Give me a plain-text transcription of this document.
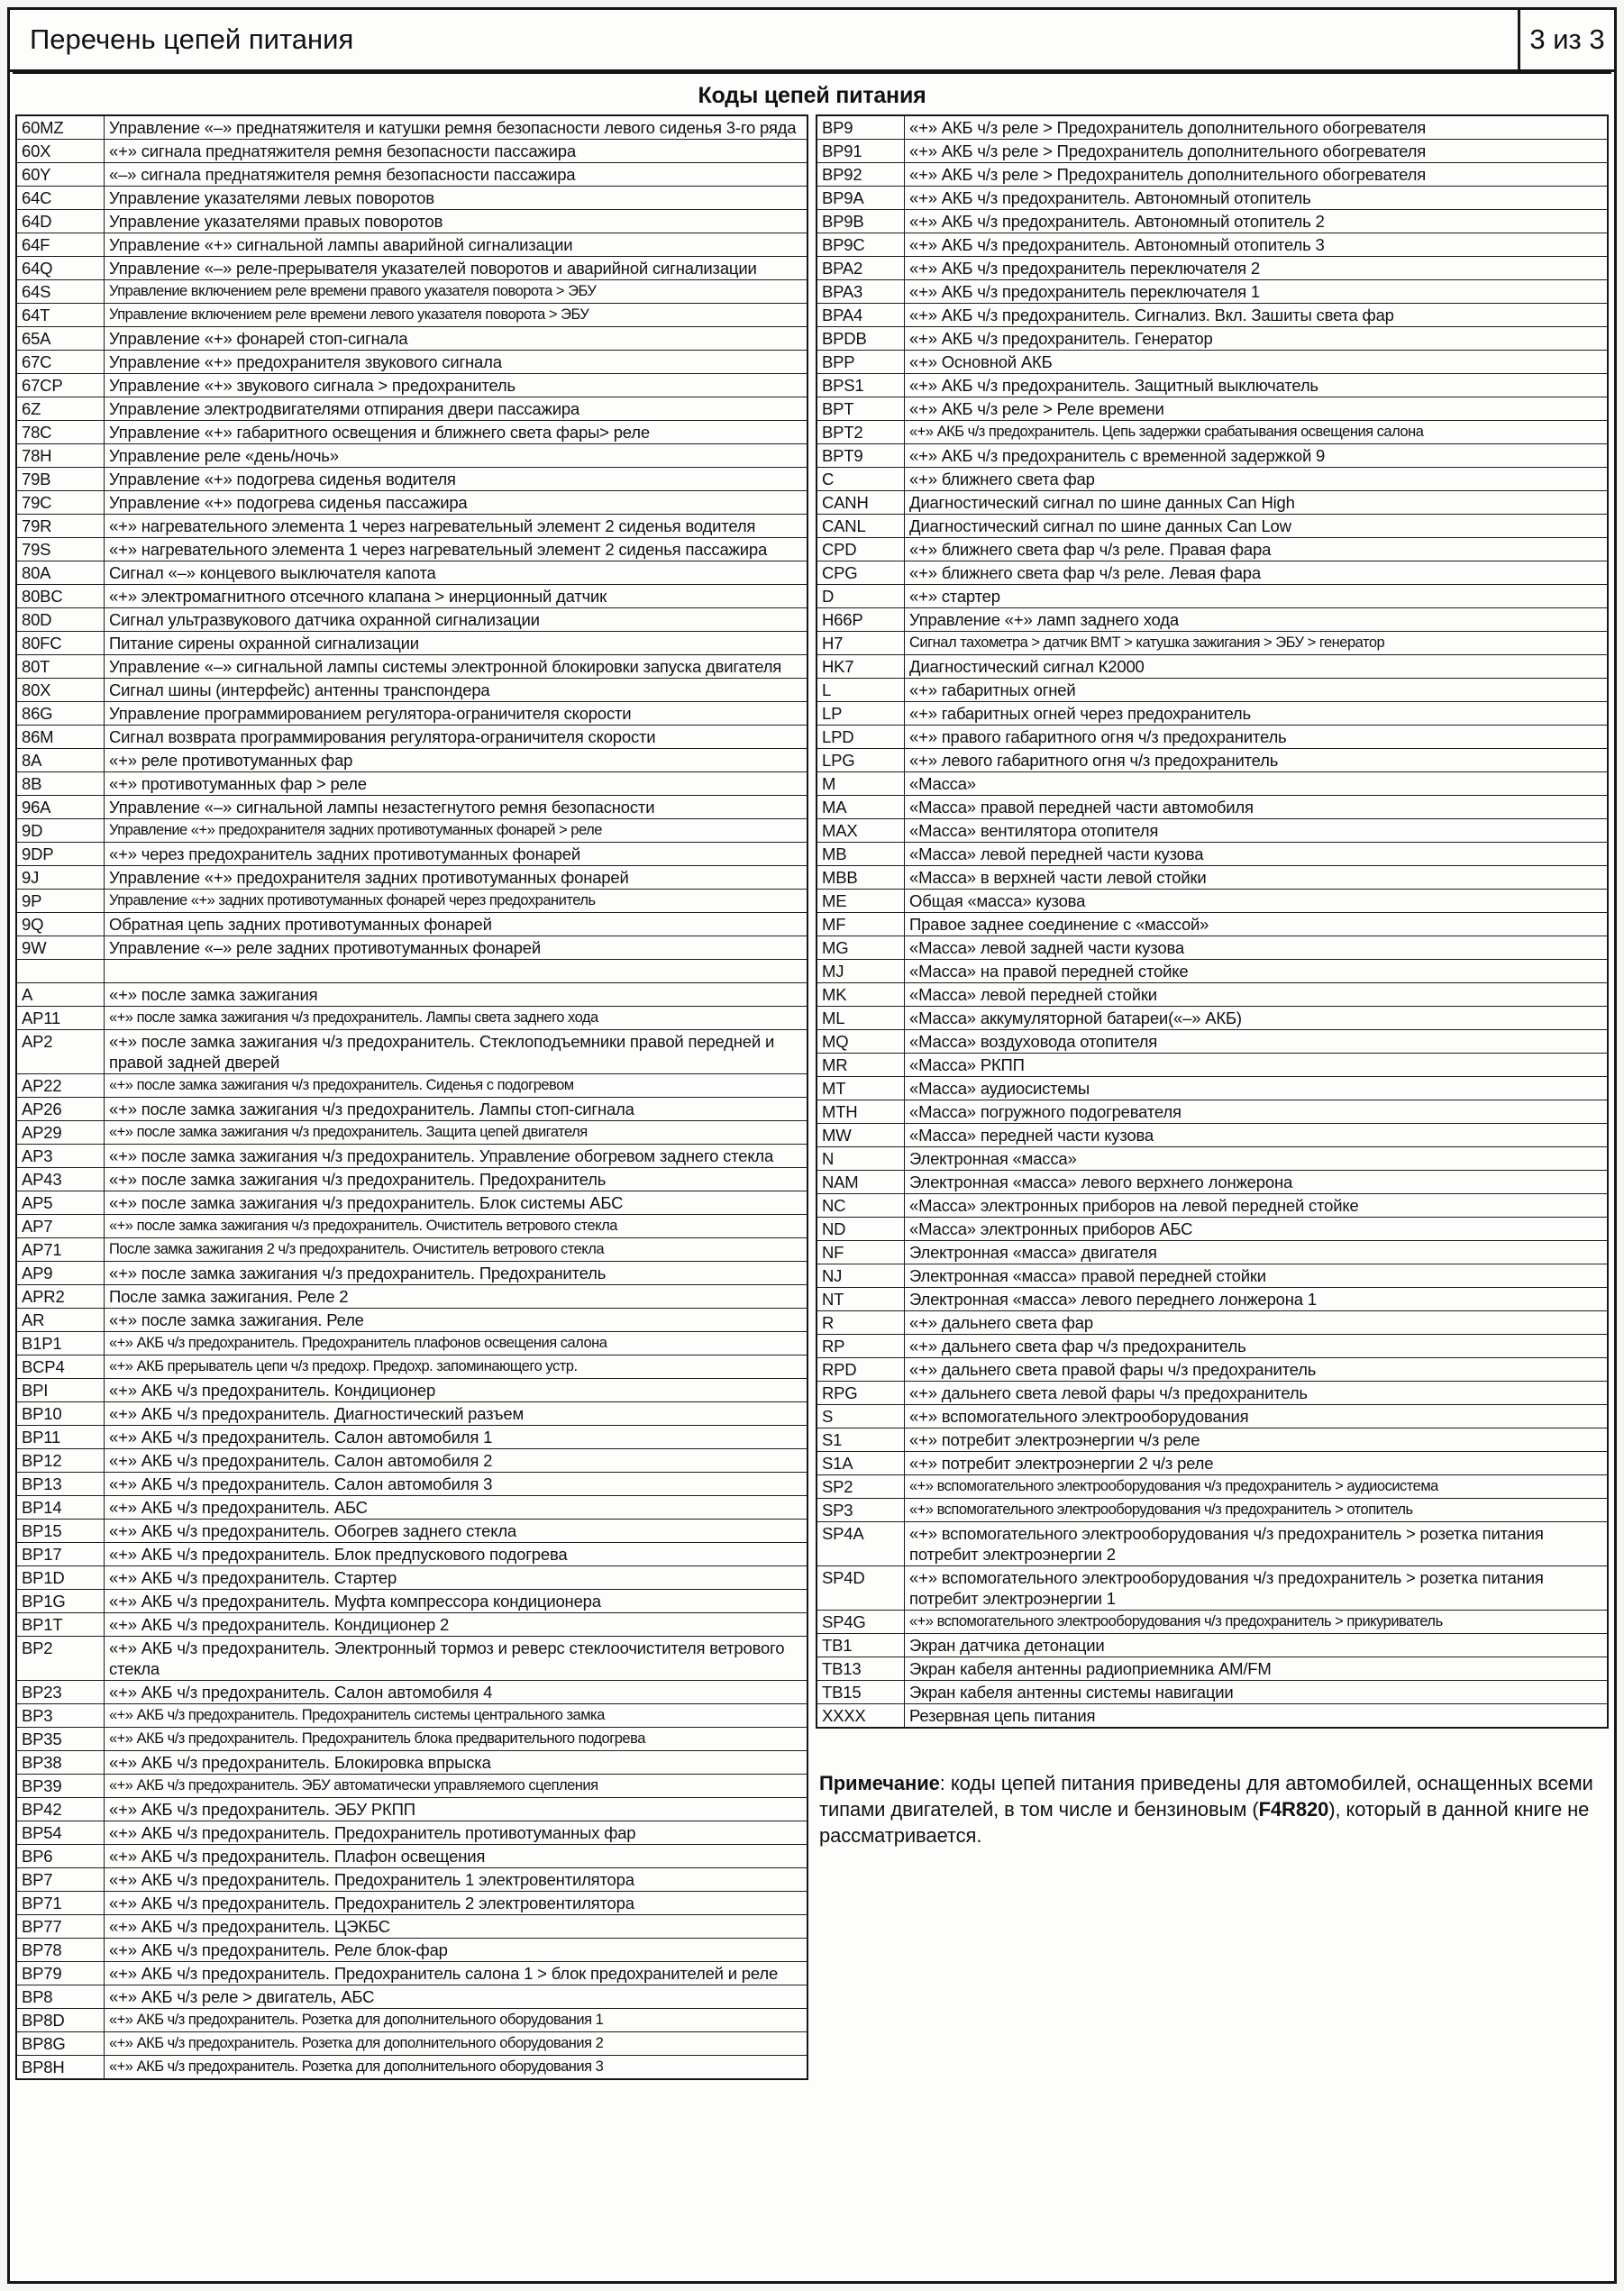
Перечень цепей питания	3 из 3
Коды цепей питания
60MZ	Управление «–» преднатяжителя и катушки ремня безопасности левого сиденья 3-го ряда
60X	«+» сигнала преднатяжителя ремня безопасности пассажира
60Y	«–» сигнала преднатяжителя ремня безопасности пассажира
64C	Управление указателями левых поворотов
64D	Управление указателями правых поворотов
64F	Управление «+» сигнальной лампы аварийной сигнализации
64Q	Управление «–» реле-прерывателя указателей поворотов и аварийной сигнализации
64S	Управление включением реле времени правого указателя поворота > ЭБУ
64T	Управление включением реле времени левого указателя поворота > ЭБУ
65A	Управление «+» фонарей стоп-сигнала
67C	Управление «+» предохранителя звукового сигнала
67CP	Управление «+» звукового сигнала > предохранитель
6Z	Управление электродвигателями отпирания двери пассажира
78C	Управление «+» габаритного освещения и ближнего света фары> реле
78H	Управление реле «день/ночь»
79B	Управление «+» подогрева сиденья водителя
79C	Управление «+» подогрева сиденья пассажира
79R	«+» нагревательного элемента 1 через нагревательный элемент 2 сиденья водителя
79S	«+» нагревательного элемента 1 через нагревательный элемент 2 сиденья пассажира
80A	Сигнал «–» концевого выключателя капота
80BC	«+» электромагнитного отсечного клапана > инерционный датчик
80D	Сигнал ультразвукового датчика охранной сигнализации
80FC	Питание сирены охранной сигнализации
80T	Управление «–» сигнальной лампы системы электронной блокировки запуска двигателя
80X	Сигнал шины (интерфейс) антенны транспондера
86G	Управление программированием регулятора-ограничителя скорости
86M	Сигнал возврата программирования регулятора-ограничителя скорости
8A	«+» реле противотуманных фар
8B	«+» противотуманных фар > реле
96A	Управление «–» сигнальной лампы незастегнутого ремня безопасности
9D	Управление «+» предохранителя задних противотуманных фонарей > реле
9DP	«+» через предохранитель задних противотуманных фонарей
9J	Управление «+» предохранителя задних противотуманных фонарей
9P	Управление «+» задних противотуманных фонарей через предохранитель
9Q	Обратная цепь задних противотуманных фонарей
9W	Управление «–» реле задних противотуманных фонарей

A	«+» после замка зажигания
AP11	«+» после замка зажигания ч/з предохранитель. Лампы света заднего хода
AP2	«+» после замка зажигания ч/з предохранитель. Стеклоподъемники правой передней и правой задней дверей
AP22	«+» после замка зажигания ч/з предохранитель. Сиденья с подогревом
AP26	«+» после замка зажигания ч/з предохранитель. Лампы стоп-сигнала
AP29	«+» после замка зажигания ч/з предохранитель. Защита цепей двигателя
AP3	«+» после замка зажигания ч/з предохранитель. Управление обогревом заднего стекла
AP43	«+» после замка зажигания ч/з предохранитель. Предохранитель
AP5	«+» после замка зажигания ч/з предохранитель. Блок системы АБС
AP7	«+» после замка зажигания ч/з предохранитель. Очиститель ветрового стекла
AP71	После замка зажигания 2 ч/з предохранитель. Очиститель ветрового стекла
AP9	«+» после замка зажигания ч/з предохранитель. Предохранитель
APR2	После замка зажигания. Реле 2
AR	«+» после замка зажигания. Реле
B1P1	«+» АКБ ч/з предохранитель. Предохранитель плафонов освещения салона
BCP4	«+» АКБ прерыватель цепи ч/з предохр. Предохр. запоминающего устр.
BPI	«+» АКБ ч/з предохранитель. Кондиционер
BP10	«+» АКБ ч/з предохранитель. Диагностический разъем
BP11	«+» АКБ ч/з предохранитель. Салон автомобиля 1
BP12	«+» АКБ ч/з предохранитель. Салон автомобиля 2
BP13	«+» АКБ ч/з предохранитель. Салон автомобиля 3
BP14	«+» АКБ ч/з предохранитель. АБС
BP15	«+» АКБ ч/з предохранитель. Обогрев заднего стекла
BP17	«+» АКБ ч/з предохранитель. Блок предпускового подогрева
BP1D	«+» АКБ ч/з предохранитель. Стартер
BP1G	«+» АКБ ч/з предохранитель. Муфта компрессора кондиционера
BP1T	«+» АКБ ч/з предохранитель. Кондиционер 2
BP2	«+» АКБ ч/з предохранитель. Электронный тормоз и реверс стеклоочистителя ветрового стекла
BP23	«+» АКБ ч/з предохранитель. Салон автомобиля 4
BP3	«+» АКБ ч/з предохранитель. Предохранитель системы центрального замка
BP35	«+» АКБ ч/з предохранитель. Предохранитель блока предварительного подогрева
BP38	«+» АКБ ч/з предохранитель. Блокировка впрыска
BP39	«+» АКБ ч/з предохранитель. ЭБУ автоматически управляемого сцепления
BP42	«+» АКБ ч/з предохранитель. ЭБУ РКПП
BP54	«+» АКБ ч/з предохранитель. Предохранитель противотуманных фар
BP6	«+» АКБ ч/з предохранитель. Плафон освещения
BP7	«+» АКБ ч/з предохранитель. Предохранитель 1 электровентилятора
BP71	«+» АКБ ч/з предохранитель. Предохранитель 2 электровентилятора
BP77	«+» АКБ ч/з предохранитель. ЦЭКБС
BP78	«+» АКБ ч/з предохранитель. Реле блок-фар
BP79	«+» АКБ ч/з предохранитель. Предохранитель салона 1 > блок предохранителей и реле
BP8	«+» АКБ ч/з реле > двигатель, АБС
BP8D	«+» АКБ ч/з предохранитель. Розетка для дополнительного оборудования 1
BP8G	«+» АКБ ч/з предохранитель. Розетка для дополнительного оборудования 2
BP8H	«+» АКБ ч/з предохранитель. Розетка для дополнительного оборудования 3
BP9	«+» АКБ ч/з реле > Предохранитель дополнительного обогревателя
BP91	«+» АКБ ч/з реле > Предохранитель дополнительного обогревателя
BP92	«+» АКБ ч/з реле > Предохранитель дополнительного обогревателя
BP9A	«+» АКБ ч/з предохранитель. Автономный отопитель
BP9B	«+» АКБ ч/з предохранитель. Автономный отопитель 2
BP9C	«+» АКБ ч/з предохранитель. Автономный отопитель 3
BPA2	«+» АКБ ч/з предохранитель переключателя 2
BPA3	«+» АКБ ч/з предохранитель переключателя 1
BPA4	«+» АКБ ч/з предохранитель. Сигнализ. Вкл. Зашиты света фар
BPDB	«+» АКБ ч/з предохранитель. Генератор
BPP	«+» Основной АКБ
BPS1	«+» АКБ ч/з предохранитель. Защитный выключатель
BPT	«+» АКБ ч/з реле > Реле времени
BPT2	«+» АКБ ч/з предохранитель. Цепь задержки срабатывания освещения салона
BPT9	«+» АКБ ч/з предохранитель с временной задержкой 9
C	«+» ближнего света фар
CANH	Диагностический сигнал по шине данных Can High
CANL	Диагностический сигнал по шине данных Can Low
CPD	«+» ближнего света фар ч/з реле. Правая фара
CPG	«+» ближнего света фар ч/з реле. Левая фара
D	«+» стартер
H66P	Управление «+» ламп заднего хода
H7	Сигнал тахометра > датчик ВМТ > катушка зажигания > ЭБУ > генератор
HK7	Диагностический сигнал К2000
L	«+» габаритных огней
LP	«+» габаритных огней через предохранитель
LPD	«+» правого габаритного огня ч/з предохранитель
LPG	«+» левого габаритного огня ч/з предохранитель
M	«Масса»
MA	«Масса» правой передней части автомобиля
MAX	«Масса» вентилятора отопителя
MB	«Масса» левой передней части кузова
MBB	«Масса» в верхней части левой стойки
ME	Общая «масса» кузова
MF	Правое заднее соединение с «массой»
MG	«Масса» левой задней части кузова
MJ	«Масса» на правой передней стойке
MK	«Масса» левой передней стойки
ML	«Масса» аккумуляторной батареи(«–» АКБ)
MQ	«Масса» воздуховода отопителя
MR	«Масса» РКПП
MT	«Масса» аудиосистемы
MTH	«Масса» погружного подогревателя
MW	«Масса» передней части кузова
N	Электронная «масса»
NAM	Электронная «масса» левого верхнего лонжерона
NC	«Масса» электронных приборов на левой передней стойке
ND	«Масса» электронных приборов АБС
NF	Электронная «масса» двигателя
NJ	Электронная «масса» правой передней стойки
NT	Электронная «масса» левого переднего лонжерона 1
R	«+» дальнего света фар
RP	«+» дальнего света фар ч/з предохранитель
RPD	«+» дальнего света правой фары ч/з предохранитель
RPG	«+» дальнего света левой фары ч/з предохранитель
S	«+» вспомогательного электрооборудования
S1	«+» потребит электроэнергии ч/з реле
S1A	«+» потребит электроэнергии 2 ч/з реле
SP2	«+» вспомогательного электрооборудования ч/з предохранитель > аудиосистема
SP3	«+» вспомогательного электрооборудования ч/з предохранитель > отопитель
SP4A	«+» вспомогательного электрооборудования ч/з предохранитель > розетка питания потребит электроэнергии 2
SP4D	«+» вспомогательного электрооборудования ч/з предохранитель > розетка питания потребит электроэнергии 1
SP4G	«+» вспомогательного электрооборудования ч/з предохранитель > прикуриватель
TB1	Экран датчика детонации
TB13	Экран кабеля антенны радиоприемника AM/FM
TB15	Экран кабеля антенны системы навигации
XXXX	Резервная цепь питания
Примечание: коды цепей питания приведены для автомобилей, оснащенных всеми типами двигателей, в том числе и бензиновым (F4R820), который в данной книге не рассматривается.
